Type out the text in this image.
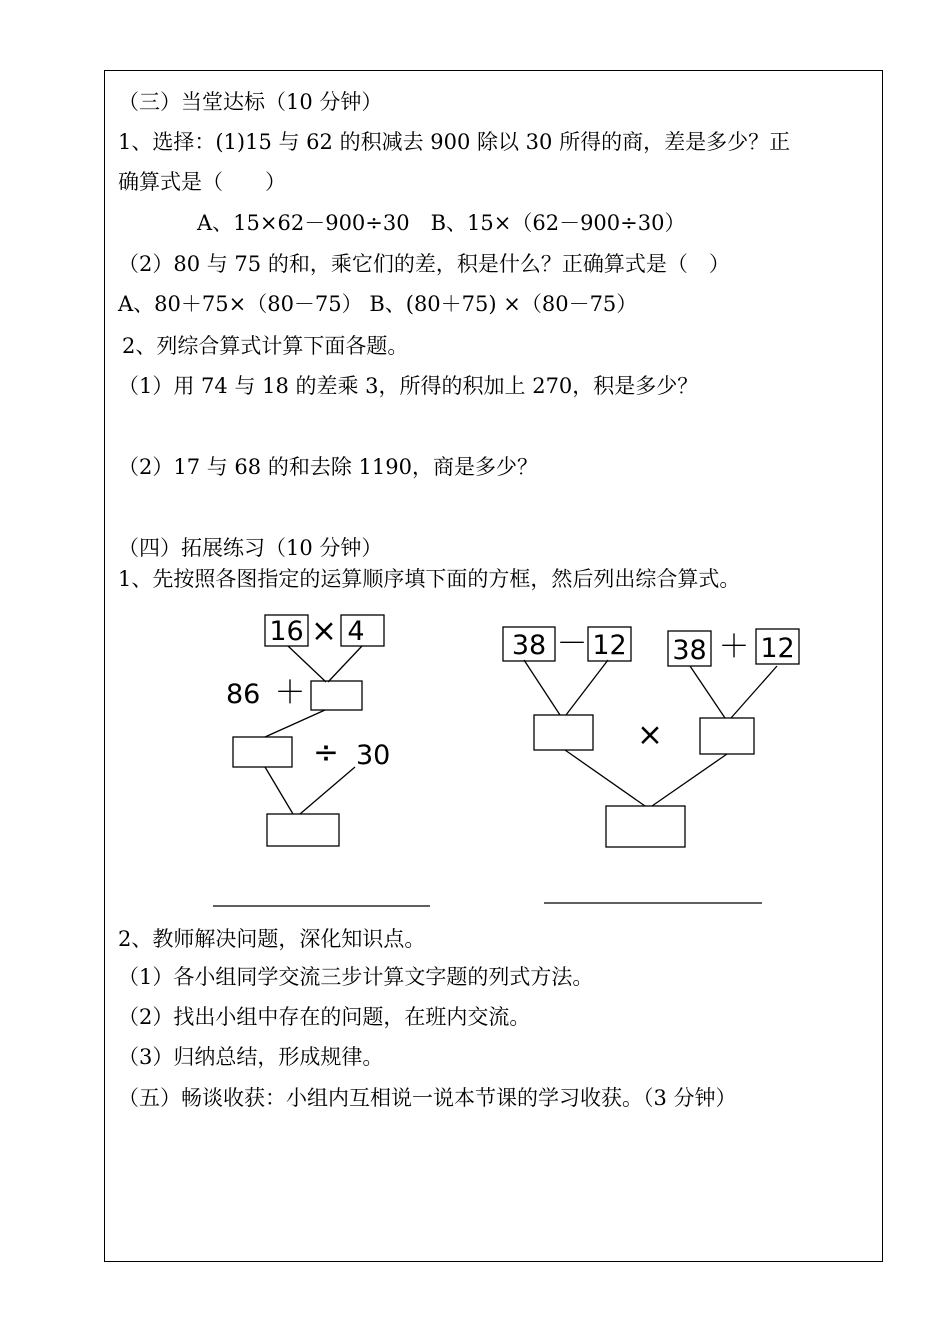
（三）当堂达标（10 分钟）
1、选择：(1)15 与 62 的积减去 900 除以 30 所得的商，差是多少？正
确算式是（　　）
A、15×62－900÷30　B、15×（62－900÷30）
（2）80 与 75 的和，乘它们的差，积是什么？正确算式是（　）
A、80＋75×（80－75） B、(80＋75) ×（80－75）
2、列综合算式计算下面各题。
（1）用 74 与 18 的差乘 3，所得的积加上 270，积是多少？
（2）17 与 68 的和去除 1190，商是多少？
（四）拓展练习（10 分钟）
1、先按照各图指定的运算顺序填下面的方框，然后列出综合算式。
16 × 4
86 ＋
÷ 30
38 － 12 38 ＋ 12
×
2、教师解决问题，深化知识点。
（1）各小组同学交流三步计算文字题的列式方法。
（2）找出小组中存在的问题，在班内交流。
（3）归纳总结，形成规律。
（五）畅谈收获：小组内互相说一说本节课的学习收获。（3 分钟）
